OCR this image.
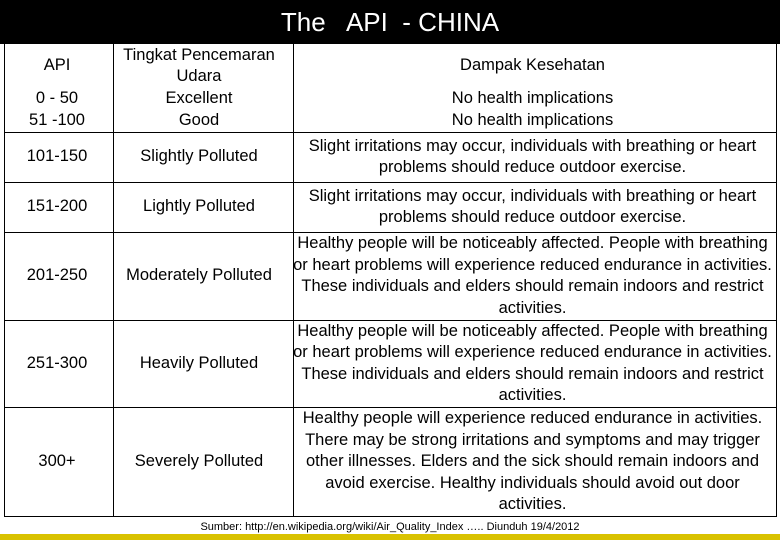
The   API  - CHINA
API	Tingkat Pencemaran Udara	Dampak Kesehatan
0 - 50	Excellent	No health implications
51 -100	Good	No health implications
101-150	Slightly Polluted	Slight irritations may occur, individuals with breathing or heart problems should reduce outdoor exercise.
151-200	Lightly Polluted	Slight irritations may occur, individuals with breathing or heart problems should reduce outdoor exercise.
201-250	Moderately Polluted	Healthy people will be noticeably affected. People with breathing or heart problems will experience reduced endurance in activities. These individuals and elders should remain indoors and restrict activities.
251-300	Heavily Polluted	Healthy people will be noticeably affected. People with breathing or heart problems will experience reduced endurance in activities. These individuals and elders should remain indoors and restrict activities.
300+	Severely Polluted	Healthy people will experience reduced endurance in activities. There may be strong irritations and symptoms and may trigger other illnesses. Elders and the sick should remain indoors and avoid exercise. Healthy individuals should avoid out door activities.
Sumber: http://en.wikipedia.org/wiki/Air_Quality_Index ….. Diunduh 19/4/2012
